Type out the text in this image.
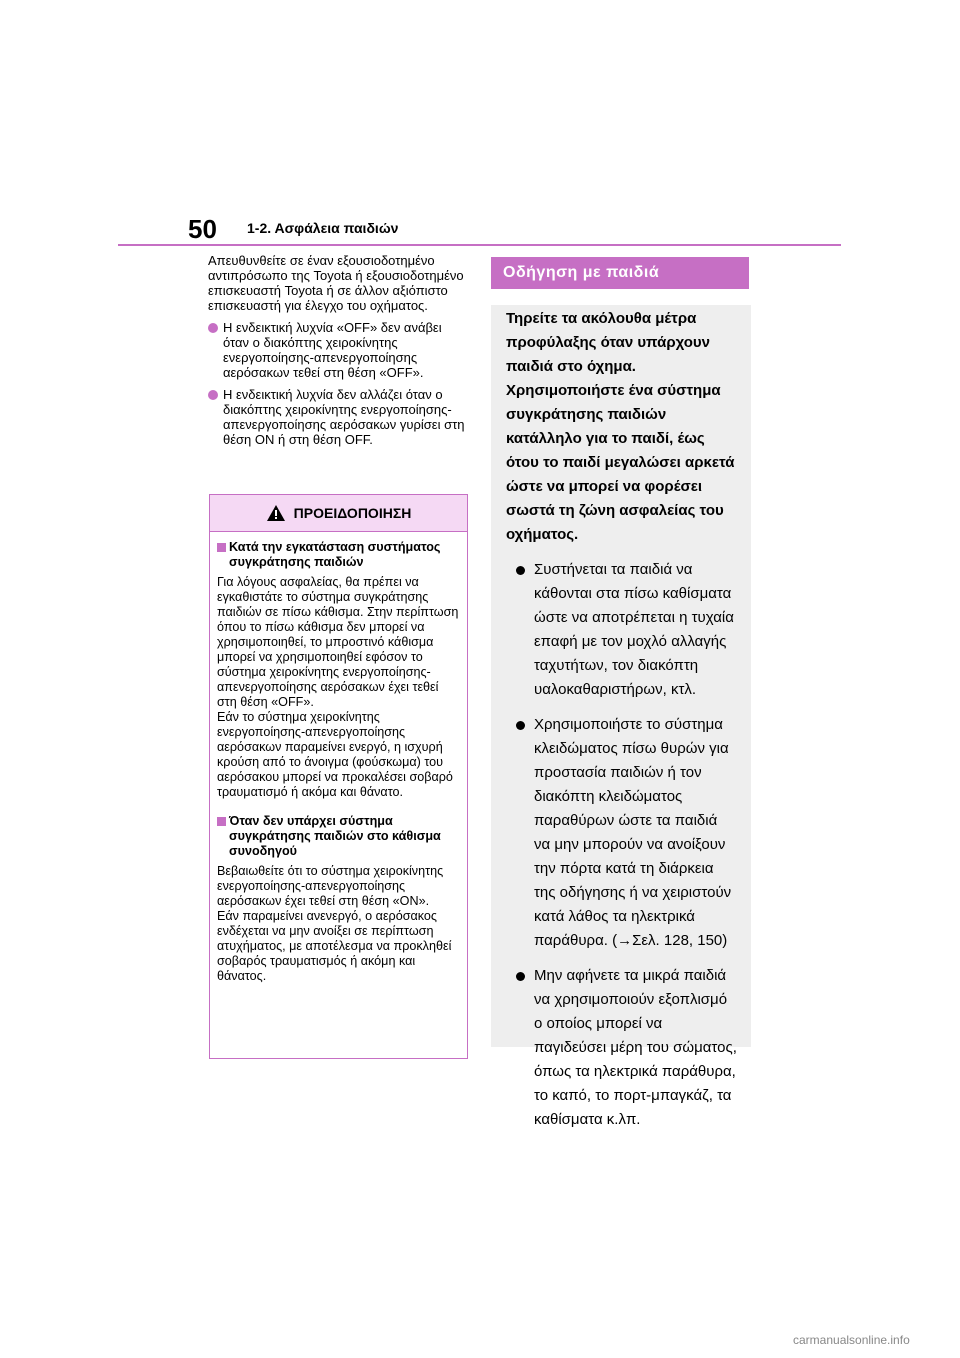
50 1-2. Ασφάλεια παιδιών

Απευθυνθείτε σε έναν εξουσιοδοτημένο αντιπρόσωπο της Toyota ή εξουσιοδοτημένο επισκευαστή Toyota ή σε άλλον αξιόπιστο επισκευαστή για έλεγχο του οχήματος.

Η ενδεικτική λυχνία «OFF» δεν ανάβει όταν ο διακόπτης χειροκίνητης ενεργοποίησης-απενεργοποίησης αερόσακων τεθεί στη θέση «OFF».
Η ενδεικτική λυχνία δεν αλλάζει όταν ο διακόπτης χειροκίνητης ενεργοποίησης-απενεργοποίησης αερόσακων γυρίσει στη θέση ON ή στη θέση OFF.
ΠΡΟΕΙΔΟΠΟΙΗΣΗ
Κατά την εγκατάσταση συστήματος συγκράτησης παιδιών
Για λόγους ασφαλείας, θα πρέπει να εγκαθιστάτε το σύστημα συγκράτησης παιδιών σε πίσω κάθισμα. Στην περίπτωση όπου το πίσω κάθισμα δεν μπορεί να χρησιμοποιηθεί, το μπροστινό κάθισμα μπορεί να χρησιμοποιηθεί εφόσον το σύστημα χειροκίνητης ενεργοποίησης-απενεργοποίησης αερόσακων έχει τεθεί στη θέση «OFF».
Εάν το σύστημα χειροκίνητης ενεργοποίησης-απενεργοποίησης αερόσακων παραμείνει ενεργό, η ισχυρή κρούση από το άνοιγμα (φούσκωμα) του αερόσακου μπορεί να προκαλέσει σοβαρό τραυματισμό ή ακόμα και θάνατο.
Όταν δεν υπάρχει σύστημα συγκράτησης παιδιών στο κάθισμα συνοδηγού
Βεβαιωθείτε ότι το σύστημα χειροκίνητης ενεργοποίησης-απενεργοποίησης αερόσακων έχει τεθεί στη θέση «ON».
Εάν παραμείνει ανενεργό, ο αερόσακος ενδέχεται να μην ανοίξει σε περίπτωση ατυχήματος, με αποτέλεσμα να προκληθεί σοβαρός τραυματισμός ή ακόμη και θάνατος.
Οδήγηση με παιδιά

Τηρείτε τα ακόλουθα μέτρα προφύλαξης όταν υπάρχουν παιδιά στο όχημα. Χρησιμοποιήστε ένα σύστημα συγκράτησης παιδιών κατάλληλο για το παιδί, έως ότου το παιδί μεγαλώσει αρκετά ώστε να μπορεί να φορέσει σωστά τη ζώνη ασφαλείας του οχήματος.

Συστήνεται τα παιδιά να κάθονται στα πίσω καθίσματα ώστε να αποτρέπεται η τυχαία επαφή με τον μοχλό αλλαγής ταχυτήτων, τον διακόπτη υαλοκαθαριστήρων, κτλ.
Χρησιμοποιήστε το σύστημα κλειδώματος πίσω θυρών για προστασία παιδιών ή τον διακόπτη κλειδώματος παραθύρων ώστε τα παιδιά να μην μπορούν να ανοίξουν την πόρτα κατά τη διάρκεια της οδήγησης ή να χειριστούν κατά λάθος τα ηλεκτρικά παράθυρα. (→Σελ. 128, 150)
Μην αφήνετε τα μικρά παιδιά να χρησιμοποιούν εξοπλισμό ο οποίος μπορεί να παγιδεύσει μέρη του σώματος, όπως τα ηλεκτρικά παράθυρα, το καπό, το πορτ-μπαγκάζ, τα καθίσματα κ.λπ.
carmanualsonline.info
